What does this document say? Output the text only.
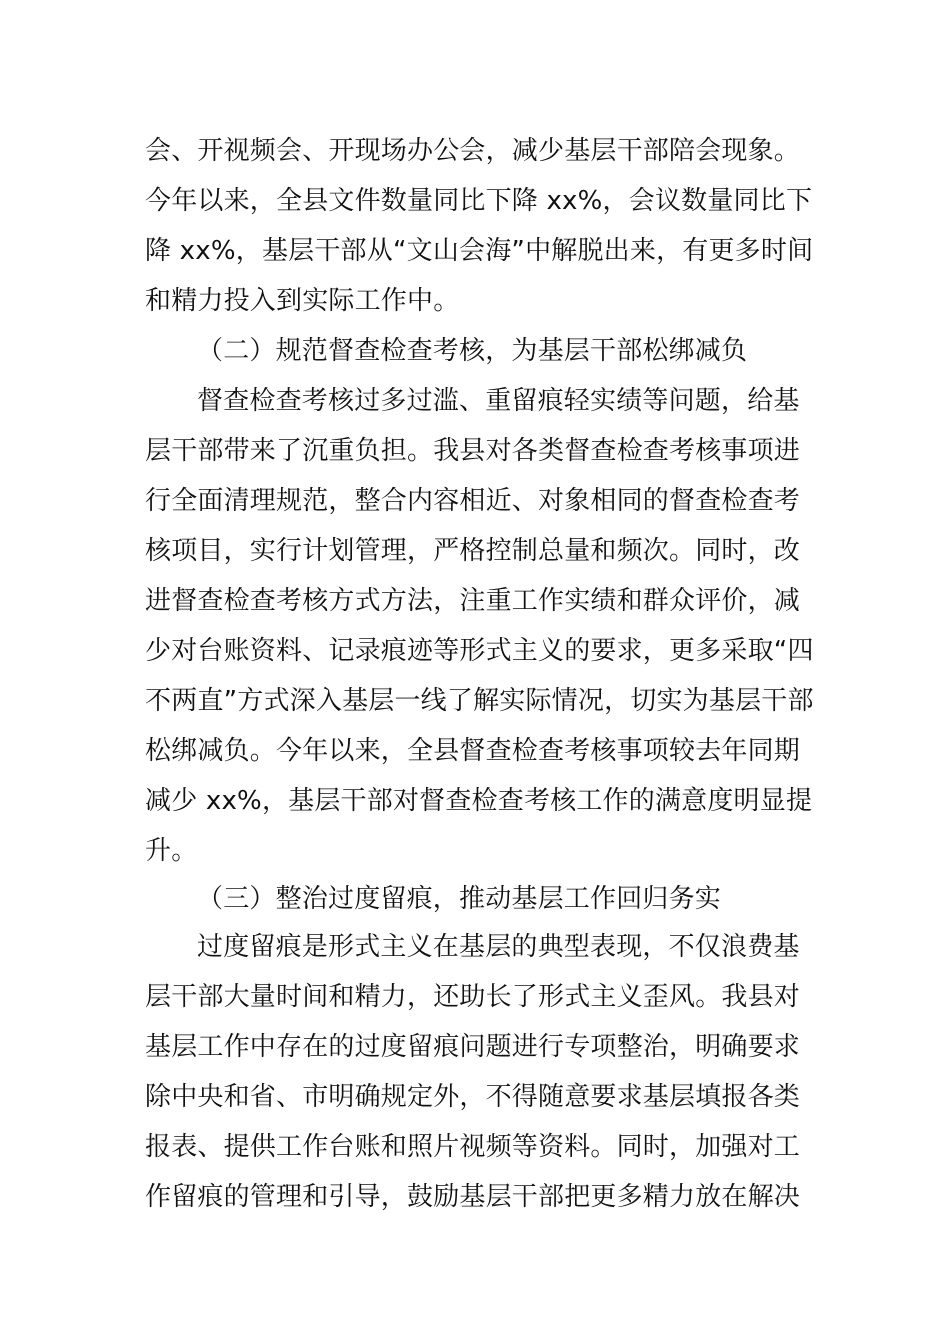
会、开视频会、开现场办公会，减少基层干部陪会现象。
今年以来，全县文件数量同比下降 xx%，会议数量同比下
降 xx%，基层干部从“文山会海”中解脱出来，有更多时间
和精力投入到实际工作中。
（二）规范督查检查考核，为基层干部松绑减负
督查检查考核过多过滥、重留痕轻实绩等问题，给基
层干部带来了沉重负担。我县对各类督查检查考核事项进
行全面清理规范，整合内容相近、对象相同的督查检查考
核项目，实行计划管理，严格控制总量和频次。同时，改
进督查检查考核方式方法，注重工作实绩和群众评价，减
少对台账资料、记录痕迹等形式主义的要求，更多采取“四
不两直”方式深入基层一线了解实际情况，切实为基层干部
松绑减负。今年以来，全县督查检查考核事项较去年同期
减少 xx%，基层干部对督查检查考核工作的满意度明显提
升。
（三）整治过度留痕，推动基层工作回归务实
过度留痕是形式主义在基层的典型表现，不仅浪费基
层干部大量时间和精力，还助长了形式主义歪风。我县对
基层工作中存在的过度留痕问题进行专项整治，明确要求
除中央和省、市明确规定外，不得随意要求基层填报各类
报表、提供工作台账和照片视频等资料。同时，加强对工
作留痕的管理和引导，鼓励基层干部把更多精力放在解决
